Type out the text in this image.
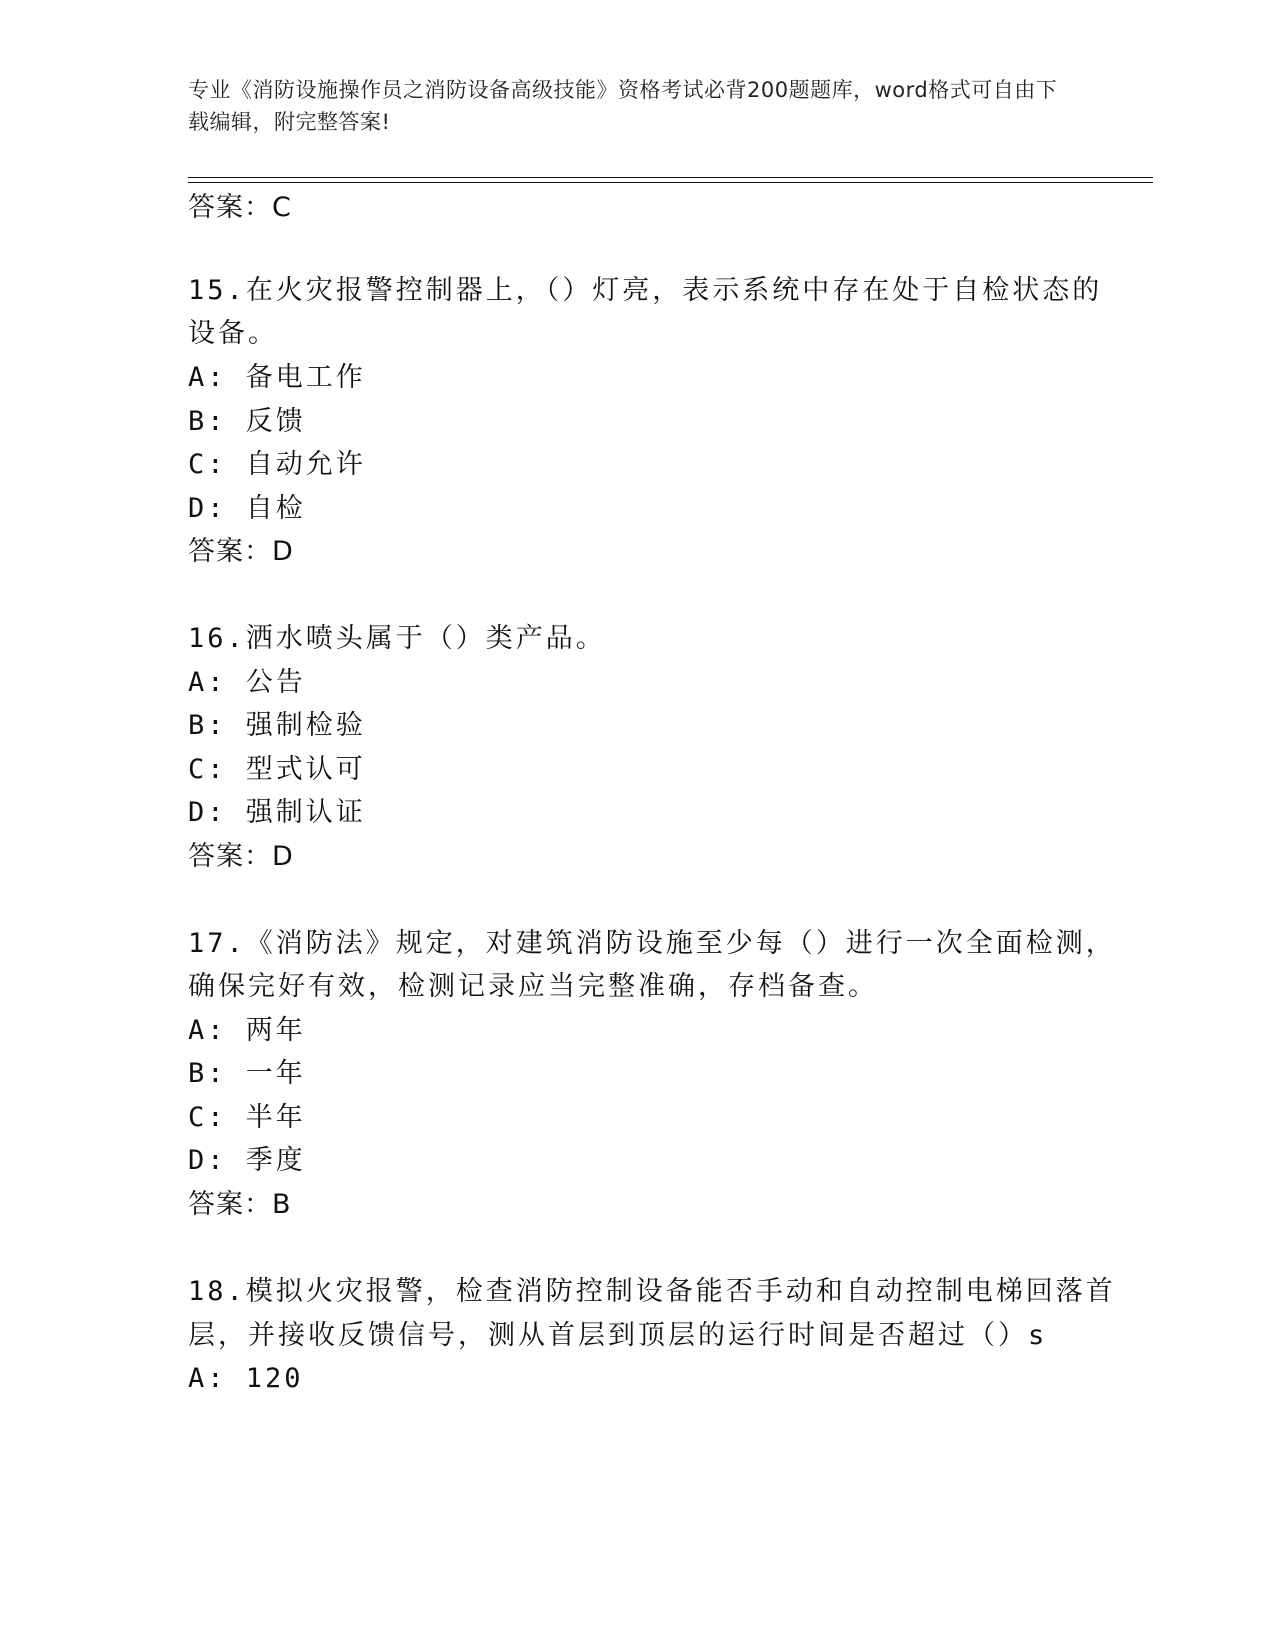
专业《消防设施操作员之消防设备高级技能》资格考试必背200题题库，word格式可自由下载编辑，附完整答案!
答案：C
15.在火灾报警控制器上，（）灯亮，表示系统中存在处于自检状态的
设备。
A: 备电工作
B: 反馈
C: 自动允许
D: 自检
答案：D
16.洒水喷头属于（）类产品。
A: 公告
B: 强制检验
C: 型式认可
D: 强制认证
答案：D
17.《消防法》规定，对建筑消防设施至少每（）进行一次全面检测，
确保完好有效，检测记录应当完整准确，存档备查。
A: 两年
B: 一年
C: 半年
D: 季度
答案：B
18.模拟火灾报警，检查消防控制设备能否手动和自动控制电梯回落首
层，并接收反馈信号，测从首层到顶层的运行时间是否超过（）s
A: 120
